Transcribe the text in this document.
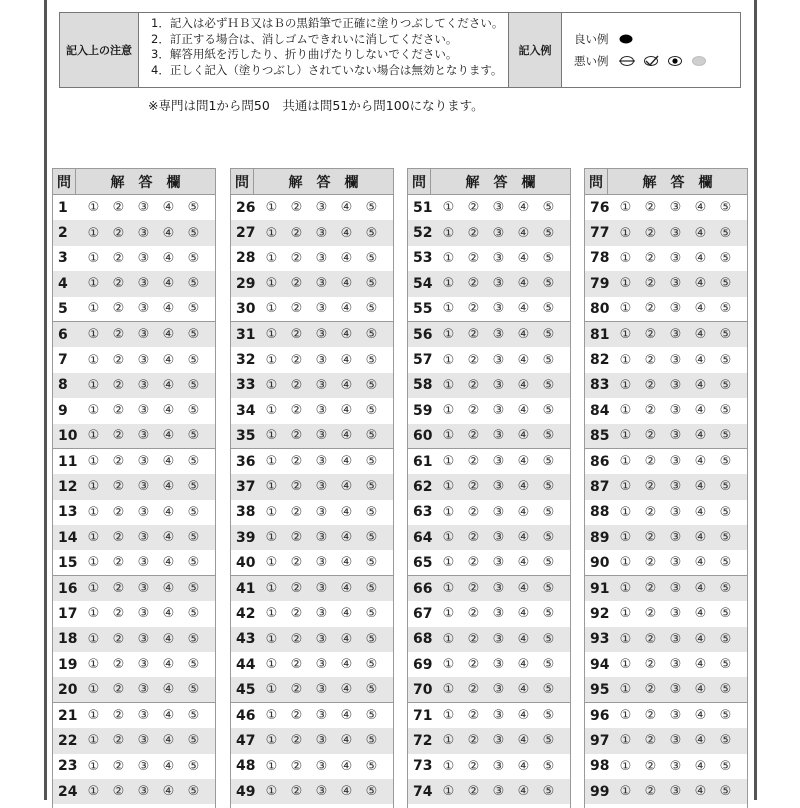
記入上の注意
1．記入は必ずＨＢ又はＢの黒鉛筆で正確に塗りつぶしてください。
2．訂正する場合は、消しゴムできれいに消してください。
3．解答用紙を汚したり、折り曲げたりしないでください。
4．正しく記入（塗りつぶし）されていない場合は無効となります。
記入例
良い例
悪い例
※専門は問1から問50　共通は問51から問100になります。
問	解　答　欄
1	① ② ③ ④ ⑤
2	① ② ③ ④ ⑤
3	① ② ③ ④ ⑤
4	① ② ③ ④ ⑤
5	① ② ③ ④ ⑤
6	① ② ③ ④ ⑤
7	① ② ③ ④ ⑤
8	① ② ③ ④ ⑤
9	① ② ③ ④ ⑤
10 ① ② ③ ④ ⑤
11 ① ② ③ ④ ⑤
12 ① ② ③ ④ ⑤
13 ① ② ③ ④ ⑤
14 ① ② ③ ④ ⑤
15 ① ② ③ ④ ⑤
16 ① ② ③ ④ ⑤
17 ① ② ③ ④ ⑤
18 ① ② ③ ④ ⑤
19 ① ② ③ ④ ⑤
20 ① ② ③ ④ ⑤
21 ① ② ③ ④ ⑤
22 ① ② ③ ④ ⑤
23 ① ② ③ ④ ⑤
24 ① ② ③ ④ ⑤
問	解　答　欄
26 ① ② ③ ④ ⑤
27 ① ② ③ ④ ⑤
28 ① ② ③ ④ ⑤
29 ① ② ③ ④ ⑤
30 ① ② ③ ④ ⑤
31 ① ② ③ ④ ⑤
32 ① ② ③ ④ ⑤
33 ① ② ③ ④ ⑤
34 ① ② ③ ④ ⑤
35 ① ② ③ ④ ⑤
36 ① ② ③ ④ ⑤
37 ① ② ③ ④ ⑤
38 ① ② ③ ④ ⑤
39 ① ② ③ ④ ⑤
40 ① ② ③ ④ ⑤
41 ① ② ③ ④ ⑤
42 ① ② ③ ④ ⑤
43 ① ② ③ ④ ⑤
44 ① ② ③ ④ ⑤
45 ① ② ③ ④ ⑤
46 ① ② ③ ④ ⑤
47 ① ② ③ ④ ⑤
48 ① ② ③ ④ ⑤
49 ① ② ③ ④ ⑤
問	解　答　欄
51 ① ② ③ ④ ⑤
52 ① ② ③ ④ ⑤
53 ① ② ③ ④ ⑤
54 ① ② ③ ④ ⑤
55 ① ② ③ ④ ⑤
56 ① ② ③ ④ ⑤
57 ① ② ③ ④ ⑤
58 ① ② ③ ④ ⑤
59 ① ② ③ ④ ⑤
60 ① ② ③ ④ ⑤
61 ① ② ③ ④ ⑤
62 ① ② ③ ④ ⑤
63 ① ② ③ ④ ⑤
64 ① ② ③ ④ ⑤
65 ① ② ③ ④ ⑤
66 ① ② ③ ④ ⑤
67 ① ② ③ ④ ⑤
68 ① ② ③ ④ ⑤
69 ① ② ③ ④ ⑤
70 ① ② ③ ④ ⑤
71 ① ② ③ ④ ⑤
72 ① ② ③ ④ ⑤
73 ① ② ③ ④ ⑤
74 ① ② ③ ④ ⑤
問	解　答　欄
76 ① ② ③ ④ ⑤
77 ① ② ③ ④ ⑤
78 ① ② ③ ④ ⑤
79 ① ② ③ ④ ⑤
80 ① ② ③ ④ ⑤
81 ① ② ③ ④ ⑤
82 ① ② ③ ④ ⑤
83 ① ② ③ ④ ⑤
84 ① ② ③ ④ ⑤
85 ① ② ③ ④ ⑤
86 ① ② ③ ④ ⑤
87 ① ② ③ ④ ⑤
88 ① ② ③ ④ ⑤
89 ① ② ③ ④ ⑤
90 ① ② ③ ④ ⑤
91 ① ② ③ ④ ⑤
92 ① ② ③ ④ ⑤
93 ① ② ③ ④ ⑤
94 ① ② ③ ④ ⑤
95 ① ② ③ ④ ⑤
96 ① ② ③ ④ ⑤
97 ① ② ③ ④ ⑤
98 ① ② ③ ④ ⑤
99 ① ② ③ ④ ⑤
